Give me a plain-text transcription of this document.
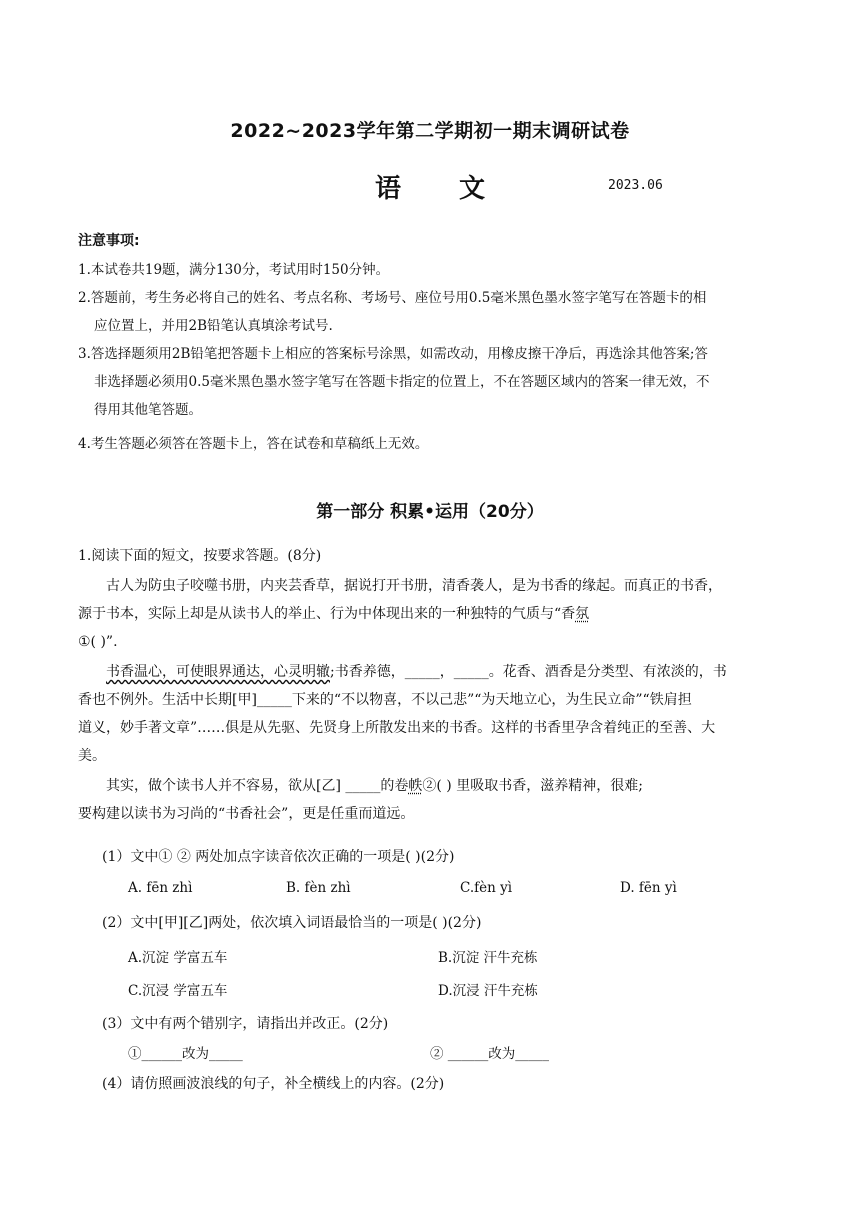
2022~2023学年第二学期初一期末调研试卷
语 文	2023.06
注意事项:
1.本试卷共19题，满分130分，考试用时150分钟。
2.答题前，考生务必将自己的姓名、考点名称、考场号、座位号用0.5毫米黑色墨水签字笔写在答题卡的相
应位置上，并用2B铅笔认真填涂考试号.
3.答选择题须用2B铅笔把答题卡上相应的答案标号涂黑，如需改动，用橡皮擦干净后，再选涂其他答案;答
非选择题必须用0.5毫米黑色墨水签字笔写在答题卡指定的位置上，不在答题区域内的答案一律无效，不
得用其他笔答题。
4.考生答题必须答在答题卡上，答在试卷和草稿纸上无效。
第一部分 积累•运用（20分）
1.阅读下面的短文，按要求答题。(8分)
古人为防虫子咬噬书册，内夹芸香草，据说打开书册，清香袭人，是为书香的缘起。而真正的书香，
源于书本，实际上却是从读书人的举止、行为中体现出来的一种独特的气质与“香氛
①( )”.
书香温心，可使眼界通达，心灵明辙;书香养德，_____，_____。花香、酒香是分类型、有浓淡的，书
香也不例外。生活中长期[甲]_____下来的“不以物喜，不以己悲”“为天地立心，为生民立命”“铁肩担
道义，妙手著文章”……俱是从先驱、先贤身上所散发出来的书香。这样的书香里孕含着纯正的至善、大
美。
其实，做个读书人并不容易，欲从[乙] _____的卷帙②( ) 里吸取书香，滋养精神，很难;
要构建以读书为习尚的“书香社会”，更是任重而道远。
(1）文中① ② 两处加点字读音依次正确的一项是( )(2分)
A. fēn zhì	B. fèn zhì	C.fèn yì	D. fēn yì
(2）文中[甲][乙]两处，依次填入词语最恰当的一项是( )(2分)
A.沉淀 学富五车	B.沉淀 汗牛充栋
C.沉浸 学富五车	D.沉浸 汗牛充栋
(3）文中有两个错别字，请指出并改正。(2分)
①______改为_____	② ______改为_____
(4）请仿照画波浪线的句子，补全横线上的内容。(2分)
